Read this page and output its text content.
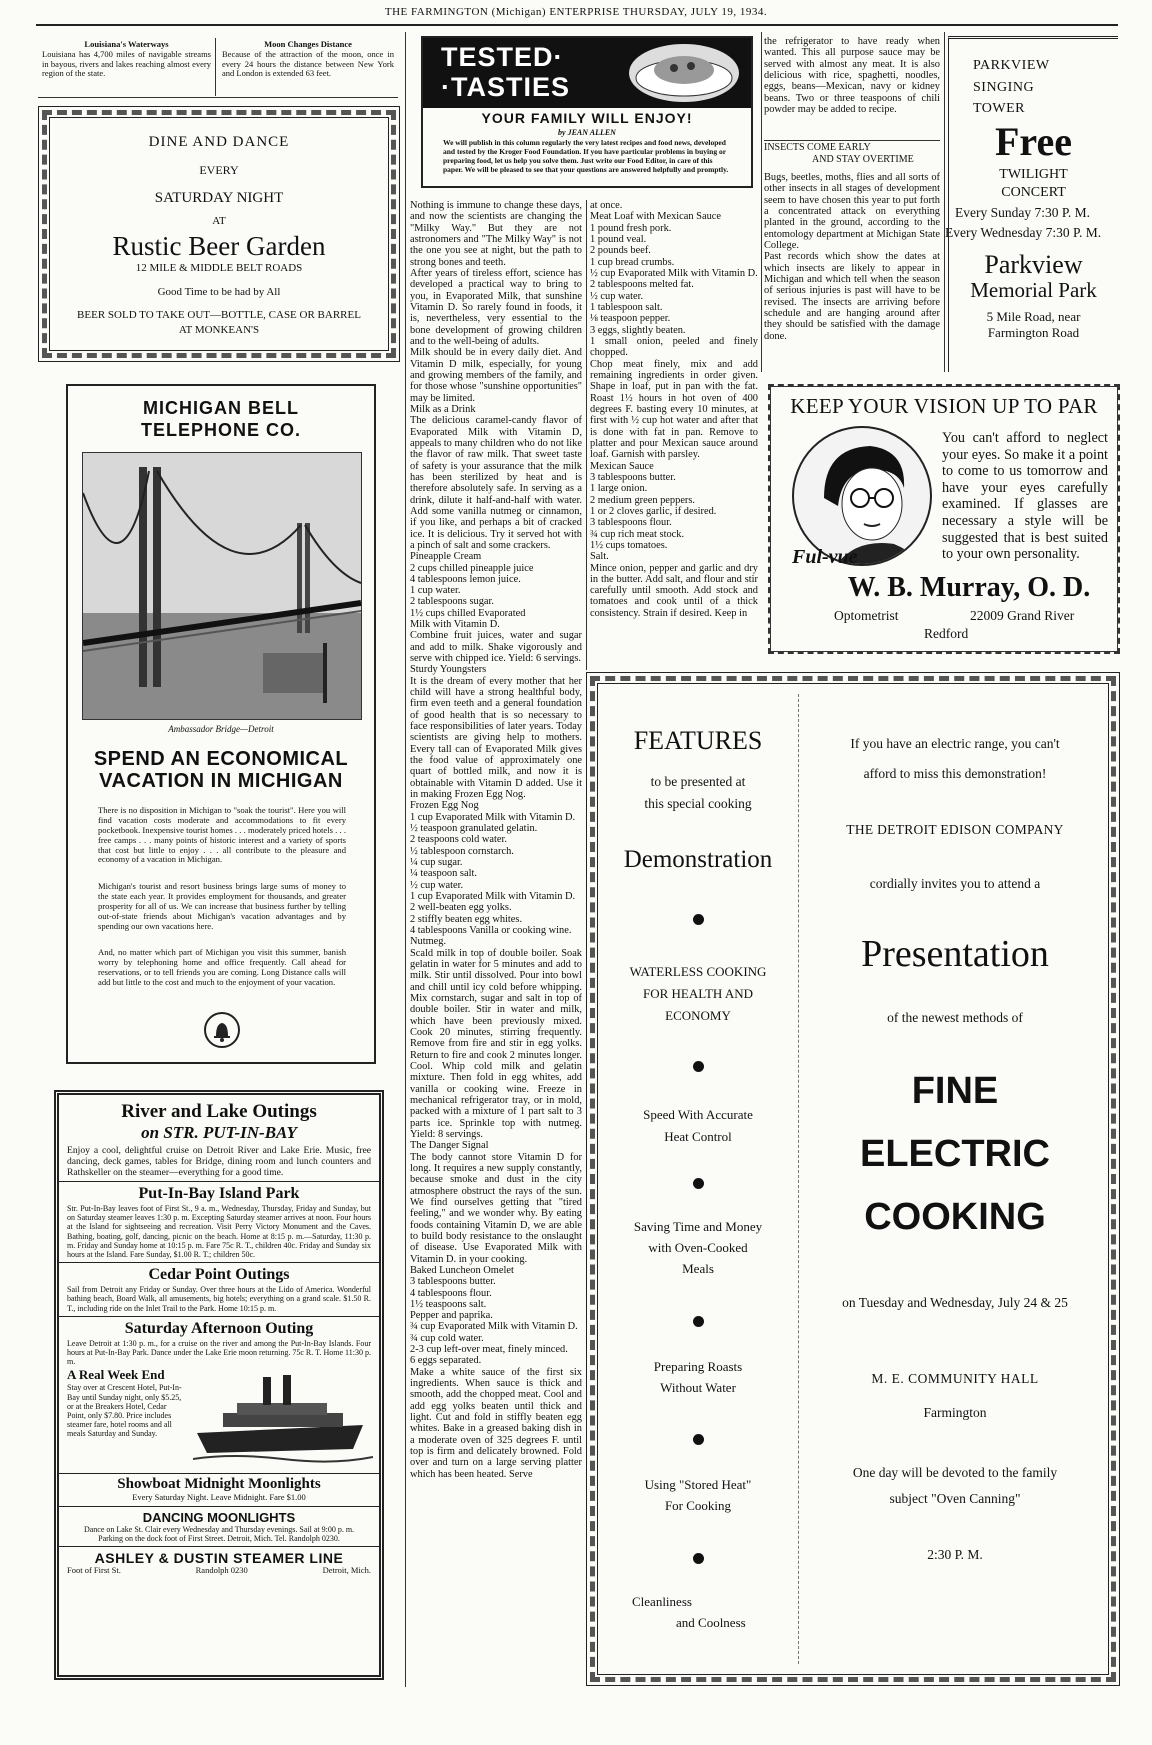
THE FARMINGTON (Michigan) ENTERPRISE THURSDAY, JULY 19, 1934.
Louisiana's Waterways
Louisiana has 4,700 miles of navigable streams in bayous, rivers and lakes reaching almost every region of the state.
Moon Changes Distance
Because of the attraction of the moon, once in every 24 hours the distance between New York and London is extended 63 feet.
DINE AND DANCE
EVERY
SATURDAY NIGHT
AT
Rustic Beer Garden
12 MILE & MIDDLE BELT ROADS
Good Time to be had by All
BEER SOLD TO TAKE OUT—BOTTLE, CASE OR BARREL AT MONKEAN'S
MICHIGAN BELL TELEPHONE CO.
Ambassador Bridge—Detroit
SPEND AN ECONOMICAL VACATION IN MICHIGAN
There is no disposition in Michigan to "soak the tourist". Here you will find vacation costs moderate and accommodations to fit every pocketbook. Inexpensive tourist homes . . . moderately priced hotels . . . free camps . . . many points of historic interest and a variety of sports that cost but little to enjoy . . . all contribute to the pleasure and economy of a vacation in Michigan.
Michigan's tourist and resort business brings large sums of money to the state each year. It provides employment for thousands, and greater prosperity for all of us. We can increase that business further by telling out-of-state friends about Michigan's vacation advantages and by spending our own vacations here.
And, no matter which part of Michigan you visit this summer, banish worry by telephoning home and office frequently. Call ahead for reservations, or to tell friends you are coming. Long Distance calls will add but little to the cost and much to the enjoyment of your vacation.
River and Lake Outings
on STR. PUT-IN-BAY
Enjoy a cool, delightful cruise on Detroit River and Lake Erie. Music, free dancing, deck games, tables for Bridge, dining room and lunch counters and Rathskeller on the steamer—everything for a good time.
Put-In-Bay Island Park
Str. Put-In-Bay leaves foot of First St., 9 a. m., Wednesday, Thursday, Friday and Sunday, but on Saturday steamer leaves 1:30 p. m. Excepting Saturday steamer arrives at noon. Four hours at the Island for sightseeing and recreation. Visit Perry Victory Monument and the Caves. Bathing, boating, golf, dancing, picnic on the beach. Home at 8:15 p. m.—Saturday, 11:30 p. m. Friday and Sunday home at 10:15 p. m. Fare 75c R. T., children 40c. Friday and Sunday six hours at the Island. Fare Sunday, $1.00 R. T.; children 50c.
Cedar Point Outings
Sail from Detroit any Friday or Sunday. Over three hours at the Lido of America. Wonderful bathing beach, Board Walk, all amusements, big hotels; everything on a grand scale. $1.50 R. T., including ride on the Inlet Trail to the Park. Home 10:15 p. m.
Saturday Afternoon Outing
Leave Detroit at 1:30 p. m., for a cruise on the river and among the Put-In-Bay Islands. Four hours at Put-In-Bay Park. Dance under the Lake Erie moon returning. 75c R. T. Home 11:30 p. m.
A Real Week End
Stay over at Crescent Hotel, Put-In-Bay until Sunday night, only $5.25, or at the Breakers Hotel, Cedar Point, only $7.80. Price includes steamer fare, hotel rooms and all meals Saturday and Sunday.
Showboat Midnight Moonlights
Every Saturday Night. Leave Midnight. Fare $1.00
DANCING MOONLIGHTS
Dance on Lake St. Clair every Wednesday and Thursday evenings. Sail at 9:00 p. m. Parking on the dock foot of First Street. Detroit, Mich. Tel. Randolph 0230.
ASHLEY & DUSTIN STEAMER LINE
Foot of First St.	Randolph 0230	Detroit, Mich.
TESTED·
·TASTIES
YOUR FAMILY WILL ENJOY!
by JEAN ALLEN
We will publish in this column regularly the very latest recipes and food news, developed and tested by the Kroger Food Foundation. If you have particular problems in buying or preparing food, let us help you solve them. Just write our Food Editor, in care of this paper. We will be pleased to see that your questions are answered helpfully and promptly.
Nothing is immune to change these days, and now the scientists are changing the "Milky Way." But they are not astronomers and "The Milky Way" is not the one you see at night, but the path to strong bones and teeth.
After years of tireless effort, science has developed a practical way to bring to you, in Evaporated Milk, that sunshine Vitamin D. So rarely found in foods, it is, nevertheless, very essential to the bone development of growing children and to the well-being of adults.
Milk should be in every daily diet. And Vitamin D milk, especially, for young and growing members of the family, and for those whose "sunshine opportunities" may be limited.
Milk as a Drink
The delicious caramel-candy flavor of Evaporated Milk with Vitamin D, appeals to many children who do not like the flavor of raw milk. That sweet taste of safety is your assurance that the milk has been sterilized by heat and is therefore absolutely safe. In serving as a drink, dilute it half-and-half with water. Add some vanilla nutmeg or cinnamon, if you like, and perhaps a bit of cracked ice. It is delicious. Try it served hot with a pinch of salt and some crackers.
Pineapple Cream
2 cups chilled pineapple juice
4 tablespoons lemon juice.
1 cup water.
2 tablespoons sugar.
1½ cups chilled Evaporated
Milk with Vitamin D.
Combine fruit juices, water and sugar and add to milk. Shake vigorously and serve with chipped ice. Yield: 6 servings.
Sturdy Youngsters
It is the dream of every mother that her child will have a strong healthful body, firm even teeth and a general foundation of good health that is so necessary to face responsibilities of later years. Today scientists are giving help to mothers. Every tall can of Evaporated Milk gives the food value of approximately one quart of bottled milk, and now it is obtainable with Vitamin D added. Use it in making Frozen Egg Nog.
Frozen Egg Nog
1 cup Evaporated Milk with Vitamin D.
½ teaspoon granulated gelatin.
2 teaspoons cold water.
½ tablespoon cornstarch.
¼ cup sugar.
¼ teaspoon salt.
½ cup water.
1 cup Evaporated Milk with Vitamin D.
2 well-beaten egg yolks.
2 stiffly beaten egg whites.
4 tablespoons Vanilla or cooking wine.
Nutmeg.
Scald milk in top of double boiler. Soak gelatin in water for 5 minutes and add to milk. Stir until dissolved. Pour into bowl and chill until icy cold before whipping. Mix cornstarch, sugar and salt in top of double boiler. Stir in water and milk, which have been previously mixed. Cook 20 minutes, stirring frequently. Remove from fire and stir in egg yolks. Return to fire and cook 2 minutes longer. Cool. Whip cold milk and gelatin mixture. Then fold in egg whites, add vanilla or cooking wine. Freeze in mechanical refrigerator tray, or in mold, packed with a mixture of 1 part salt to 3 parts ice. Sprinkle top with nutmeg. Yield: 8 servings.
The Danger Signal
The body cannot store Vitamin D for long. It requires a new supply constantly, because smoke and dust in the city atmosphere obstruct the rays of the sun. We find ourselves getting that "tired feeling," and we wonder why. By eating foods containing Vitamin D, we are able to build body resistance to the onslaught of disease. Use Evaporated Milk with Vitamin D. in your cooking.
Baked Luncheon Omelet
3 tablespoons butter.
4 tablespoons flour.
1½ teaspoons salt.
Pepper and paprika.
¾ cup Evaporated Milk with Vitamin D.
¾ cup cold water.
2-3 cup left-over meat, finely minced.
6 eggs separated.
Make a white sauce of the first six ingredients. When sauce is thick and smooth, add the chopped meat. Cool and add egg yolks beaten until thick and light. Cut and fold in stiffly beaten egg whites. Bake in a greased baking dish in a moderate oven of 325 degrees F. until top is firm and delicately browned. Fold over and turn on a large serving platter which has been heated. Serve
at once.
Meat Loaf with Mexican Sauce
1 pound fresh pork.
1 pound veal.
2 pounds beef.
1 cup bread crumbs.
½ cup Evaporated Milk with Vitamin D.
2 tablespoons melted fat.
½ cup water.
1 tablespoon salt.
⅛ teaspoon pepper.
3 eggs, slightly beaten.
1 small onion, peeled and finely chopped.
Chop meat finely, mix and add remaining ingredients in order given. Shape in loaf, put in pan with the fat. Roast 1½ hours in hot oven of 400 degrees F. basting every 10 minutes, at first with ½ cup hot water and after that is done with fat in pan. Remove to platter and pour Mexican sauce around loaf. Garnish with parsley.
Mexican Sauce
3 tablespoons butter.
1 large onion.
2 medium green peppers.
1 or 2 cloves garlic, if desired.
3 tablespoons flour.
¾ cup rich meat stock.
1½ cups tomatoes.
Salt.
Mince onion, pepper and garlic and dry in the butter. Add salt, and flour and stir carefully until smooth. Add stock and tomatoes and cook until of a thick consistency. Strain if desired. Keep in
the refrigerator to have ready when wanted. This all purpose sauce may be served with almost any meat. It is also delicious with rice, spaghetti, noodles, eggs, beans—Mexican, navy or kidney beans. Two or three teaspoons of chili powder may be added to recipe.
INSECTS COME EARLY
AND STAY OVERTIME
Bugs, beetles, moths, flies and all sorts of other insects in all stages of development seem to have chosen this year to put forth a concentrated attack on everything planted in the ground, according to the entomology department at Michigan State College.
Past records which show the dates at which insects are likely to appear in Michigan and which tell when the season of serious injuries is past will have to be revised. The insects are arriving before schedule and are hanging around after they should be satisfied with the damage done.
PARKVIEW
SINGING
TOWER
Free
TWILIGHT
CONCERT
Every Sunday 7:30 P. M.
Every Wednesday 7:30 P. M.
Parkview
Memorial Park
5 Mile Road, near
Farmington Road
KEEP YOUR VISION UP TO PAR
Ful-vue
You can't afford to neglect your eyes. So make it a point to come to us tomorrow and have your eyes carefully examined. If glasses are necessary a style will be suggested that is best suited to your own personality.
W. B. Murray, O. D.
Optometrist	22009 Grand River
Redford
FEATURES
to be presented at
this special cooking
Demonstration
WATERLESS COOKING
FOR HEALTH AND
ECONOMY
Speed With Accurate
Heat Control
Saving Time and Money
with Oven-Cooked
Meals
Preparing Roasts
Without Water
Using "Stored Heat"
For Cooking
Cleanliness
and Coolness
If you have an electric range, you can't
afford to miss this demonstration!
THE DETROIT EDISON COMPANY
cordially invites you to attend a
Presentation
of the newest methods of
FINE
ELECTRIC
COOKING
on Tuesday and Wednesday, July 24 & 25
M. E. COMMUNITY HALL
Farmington
One day will be devoted to the family
subject "Oven Canning"
2:30 P. M.
